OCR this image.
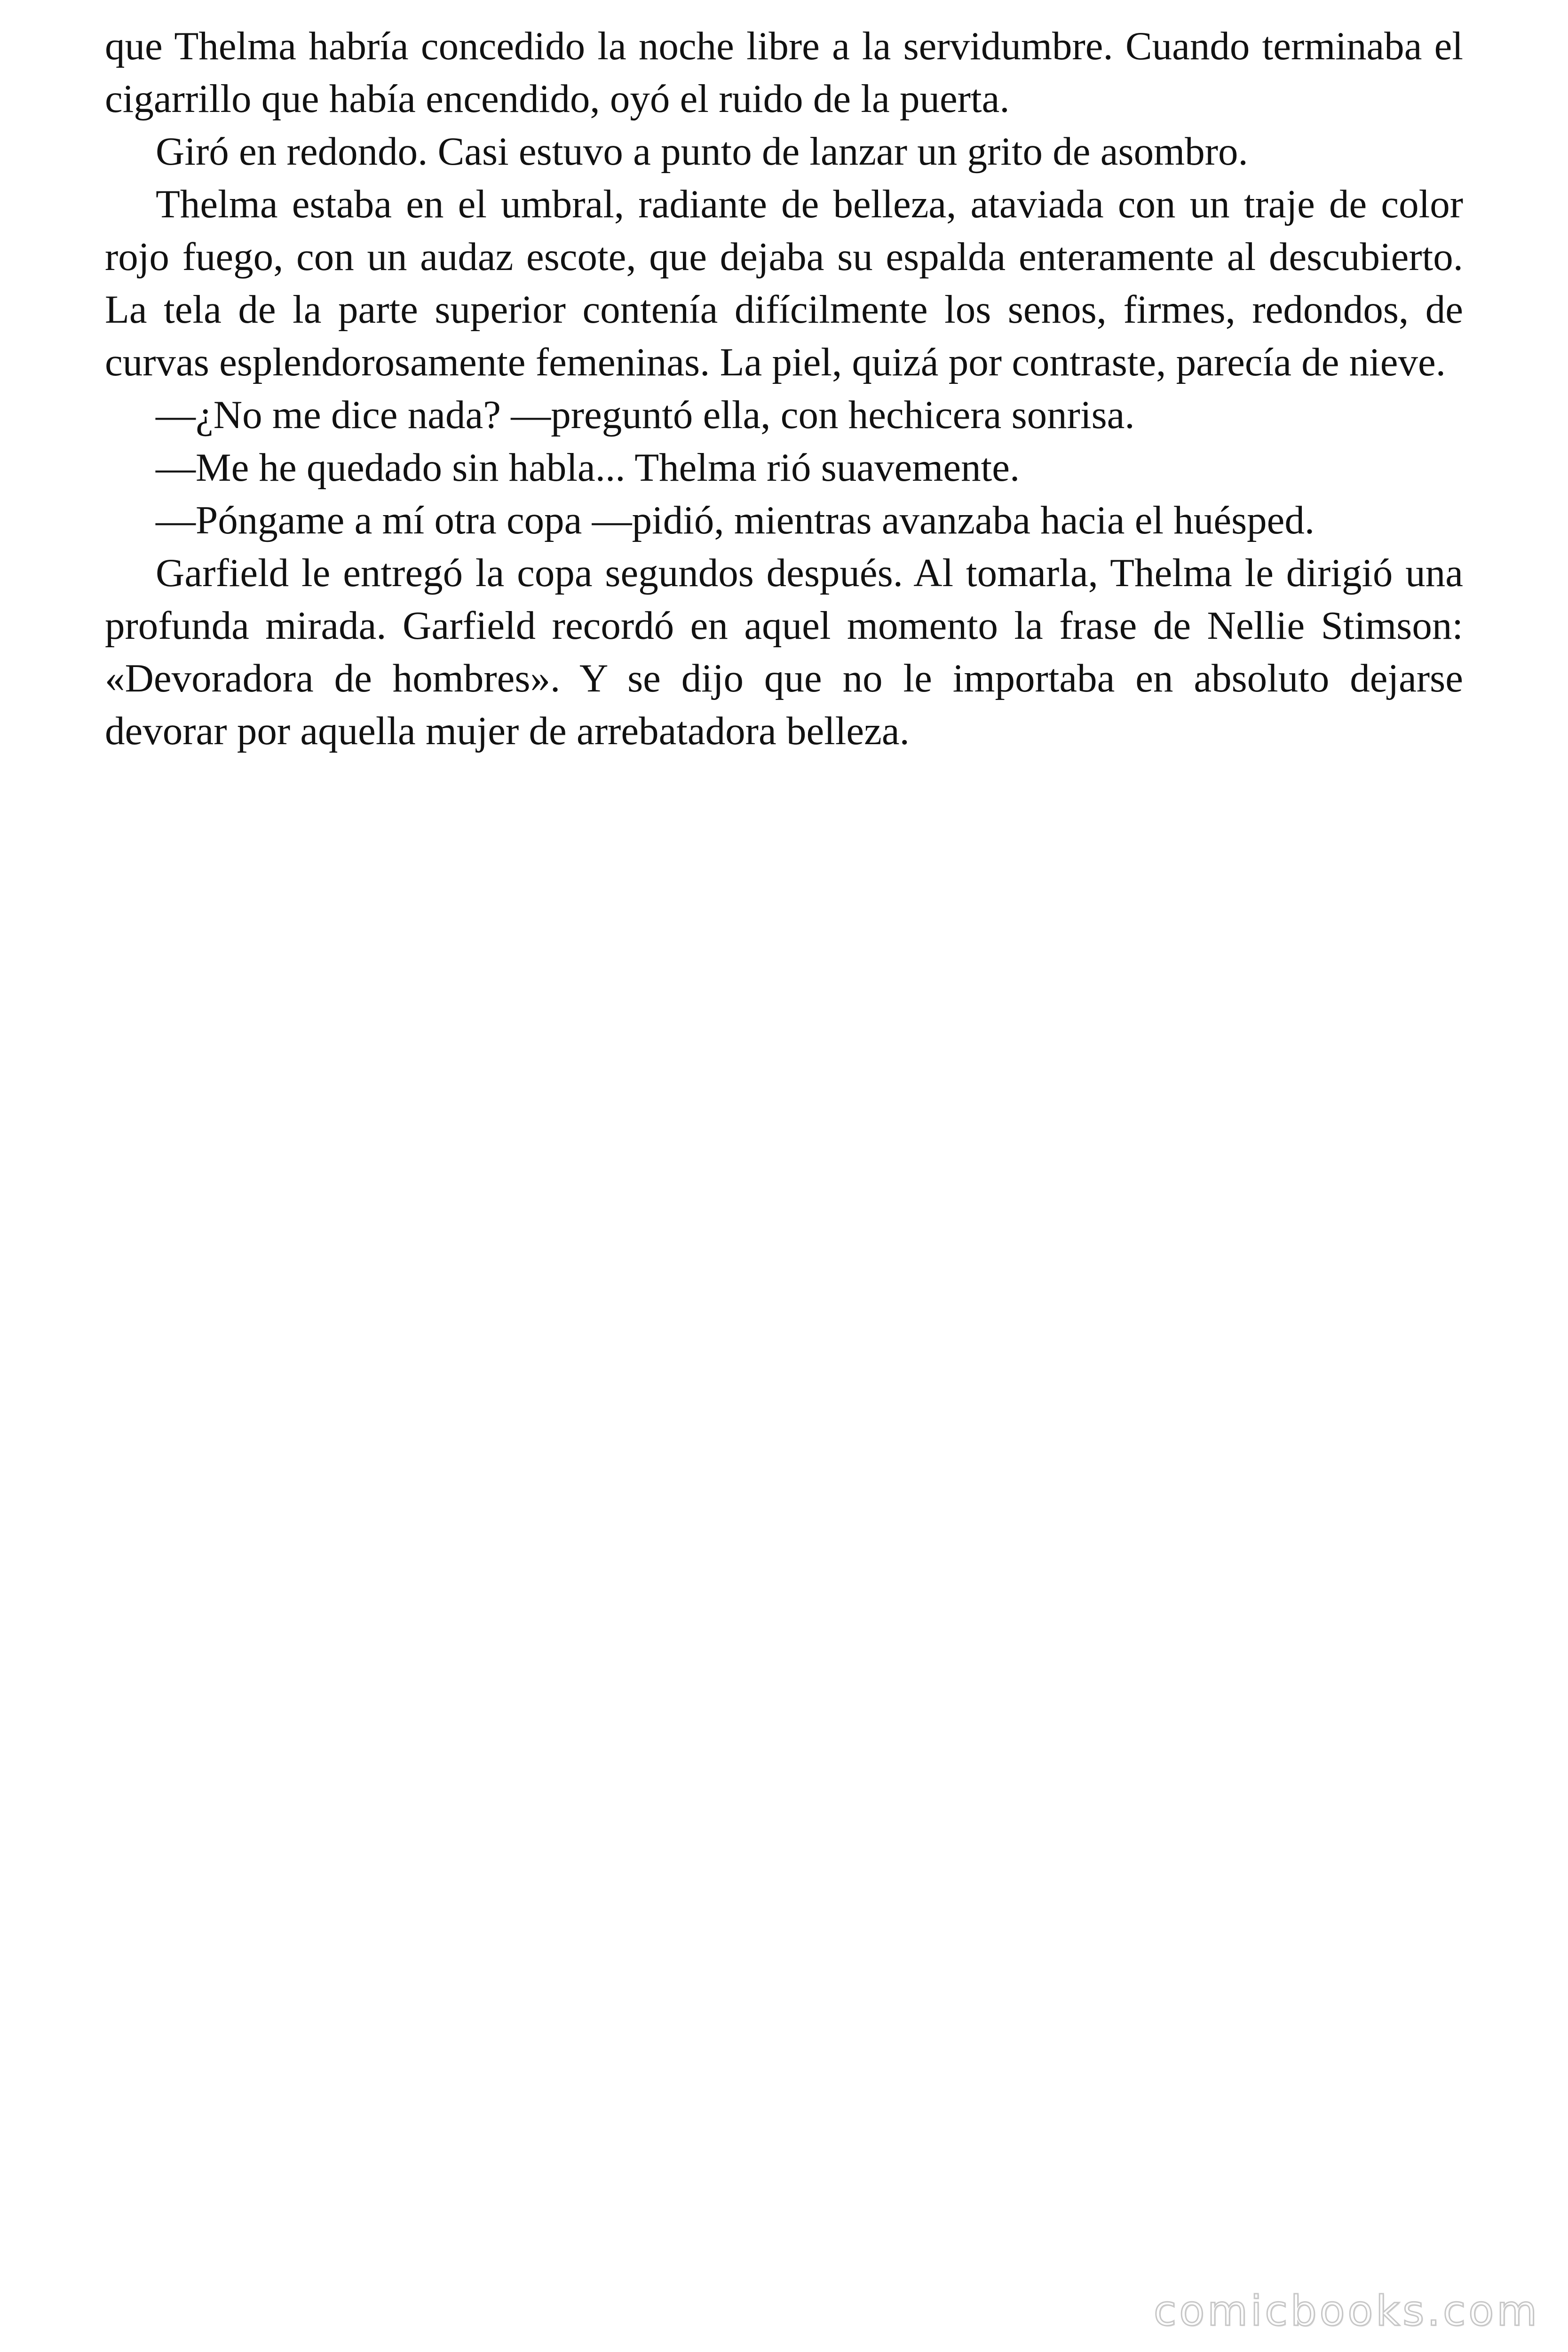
que Thelma habría concedido la noche libre a la servidumbre. Cuando terminaba el cigarrillo que había encendido, oyó el ruido de la puerta.

Giró en redondo. Casi estuvo a punto de lanzar un grito de asombro.

Thelma estaba en el umbral, radiante de belleza, ataviada con un traje de color rojo fuego, con un audaz escote, que dejaba su espalda enteramente al descubierto. La tela de la parte superior contenía difícilmente los senos, firmes, redondos, de curvas esplendorosamente femeninas. La piel, quizá por contraste, parecía de nieve.

—¿No me dice nada? —preguntó ella, con hechicera sonrisa.

—Me he quedado sin habla... Thelma rió suavemente.

—Póngame a mí otra copa —pidió, mientras avanzaba hacia el huésped.

Garfield le entregó la copa segundos después. Al tomarla, Thelma le dirigió una profunda mirada. Garfield recordó en aquel momento la frase de Nellie Stimson: «Devoradora de hombres». Y se dijo que no le importaba en absoluto dejarse devorar por aquella mujer de arrebatadora belleza.

comicbooks.com
